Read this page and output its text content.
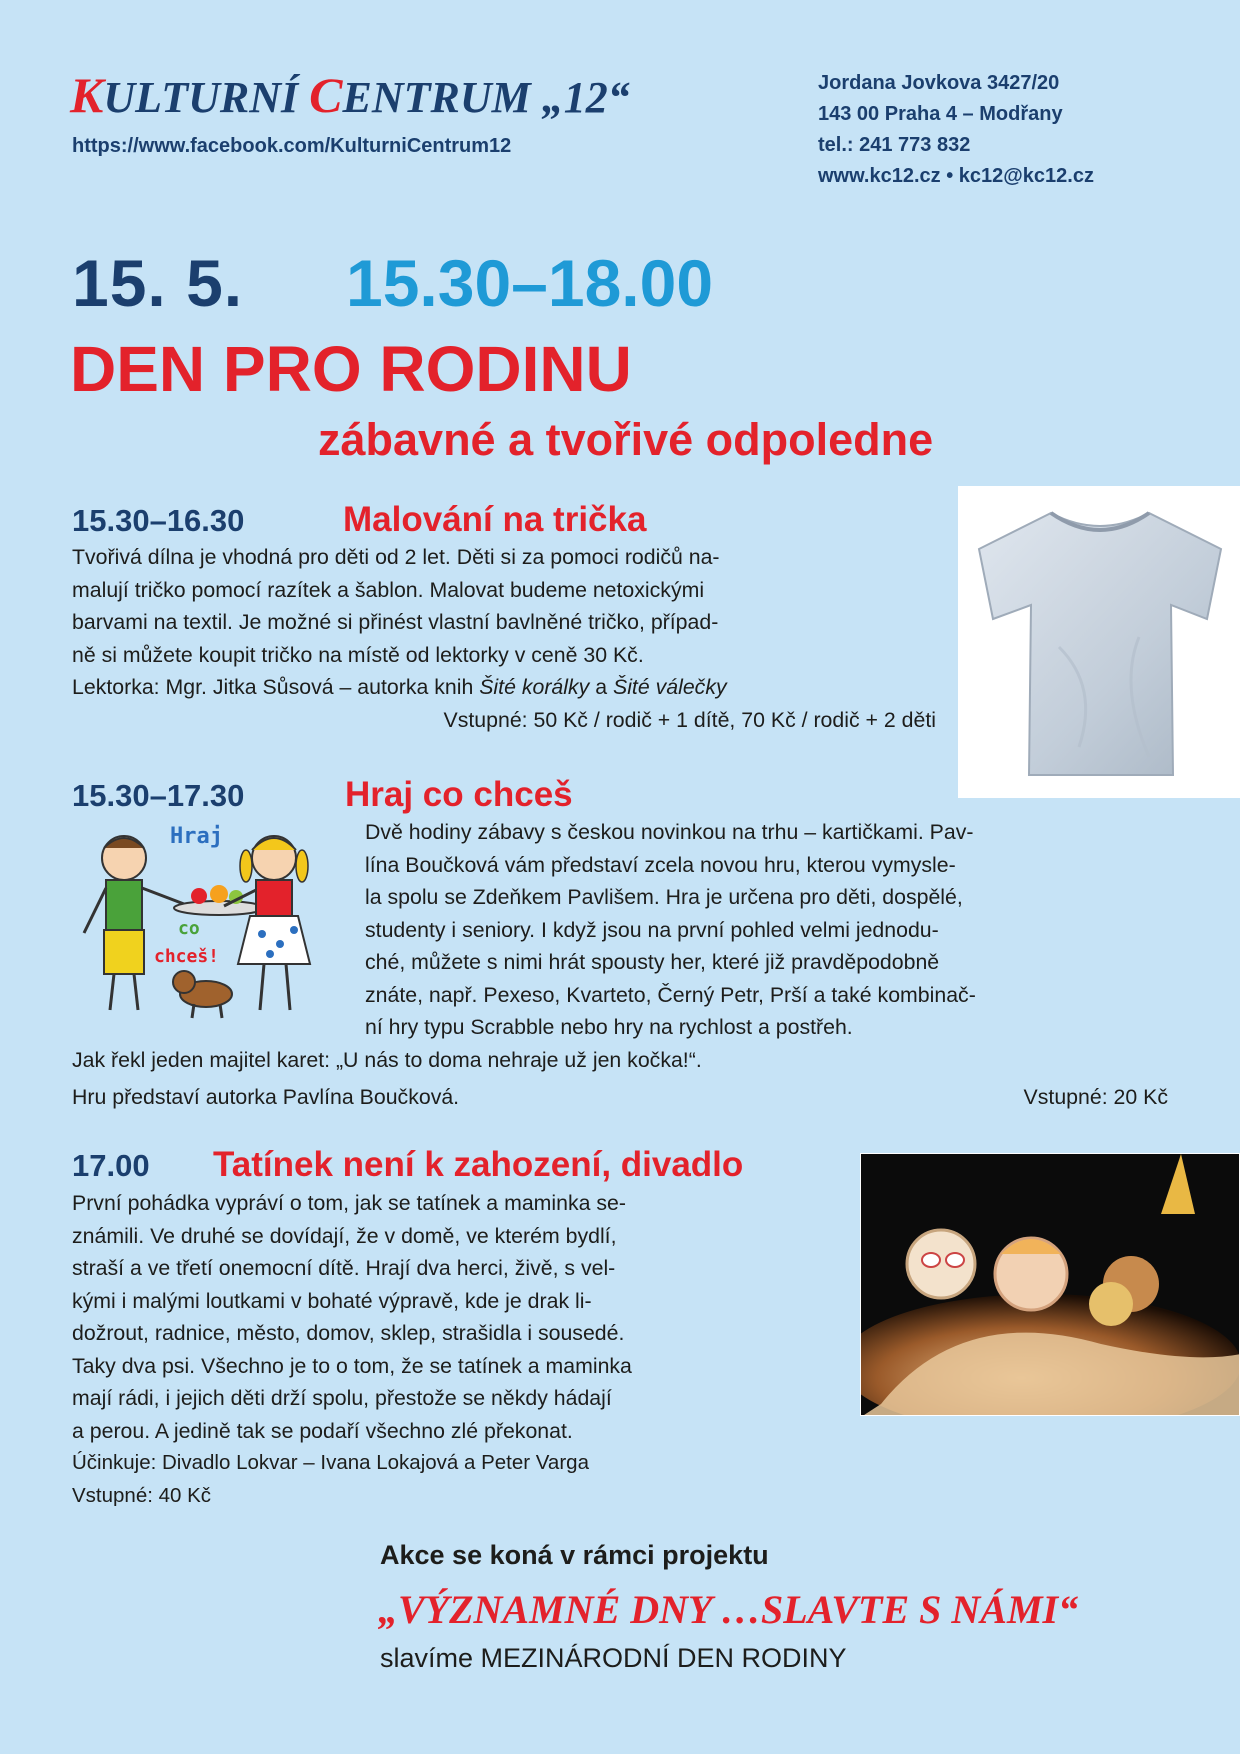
KULTURNÍ CENTRUM „12“
https://www.facebook.com/KulturniCentrum12
Jordana Jovkova 3427/20
143 00 Praha 4 – Modřany
tel.: 241 773 832
www.kc12.cz • kc12@kc12.cz
15. 5. 15.30–18.00
DEN PRO RODINU
zábavné a tvořivé odpoledne
15.30–16.30	Malování na trička
Tvořivá dílna je vhodná pro děti od 2 let. Děti si za pomoci rodičů na-
malují tričko pomocí razítek a šablon. Malovat budeme netoxickými
barvami na textil. Je možné si přinést vlastní bavlněné tričko, případ-
ně si můžete koupit tričko na místě od lektorky v ceně 30 Kč.
Lektorka: Mgr. Jitka Sůsová – autorka knih Šité korálky a Šité válečky
Vstupné: 50 Kč / rodič + 1 dítě, 70 Kč / rodič + 2 děti
15.30–17.30	Hraj co chceš
Hraj
co
chceš!
Dvě hodiny zábavy s českou novinkou na trhu – kartičkami. Pav-
lína Boučková vám představí zcela novou hru, kterou vymysle-
la spolu se Zdeňkem Pavlišem. Hra je určena pro děti, dospělé,
studenty i seniory. I když jsou na první pohled velmi jednodu-
ché, můžete s nimi hrát spousty her, které již pravděpodobně
znáte, např. Pexeso, Kvarteto, Černý Petr, Prší a také kombinač-
ní hry typu Scrabble nebo hry na rychlost a postřeh.
Jak řekl jeden majitel karet: „U nás to doma nehraje už jen kočka!“.
Hru představí autorka Pavlína Boučková.	Vstupné: 20 Kč
17.00 Tatínek není k zahození, divadlo
První pohádka vypráví o tom, jak se tatínek a maminka se-
známili. Ve druhé se dovídají, že v domě, ve kterém bydlí,
straší a ve třetí onemocní dítě. Hrají dva herci, živě, s vel-
kými i malými loutkami v bohaté výpravě, kde je drak li-
dožrout, radnice, město, domov, sklep, strašidla i sousedé.
Taky dva psi. Všechno je to o tom, že se tatínek a maminka
mají rádi, i jejich děti drží spolu, přestože se někdy hádají
a perou. A jedině tak se podaří všechno zlé překonat.
Účinkuje: Divadlo Lokvar – Ivana Lokajová a Peter Varga
Vstupné: 40 Kč
Akce se koná v rámci projektu
„VÝZNAMNÉ DNY …SLAVTE S NÁMI“
slavíme MEZINÁRODNÍ DEN RODINY
